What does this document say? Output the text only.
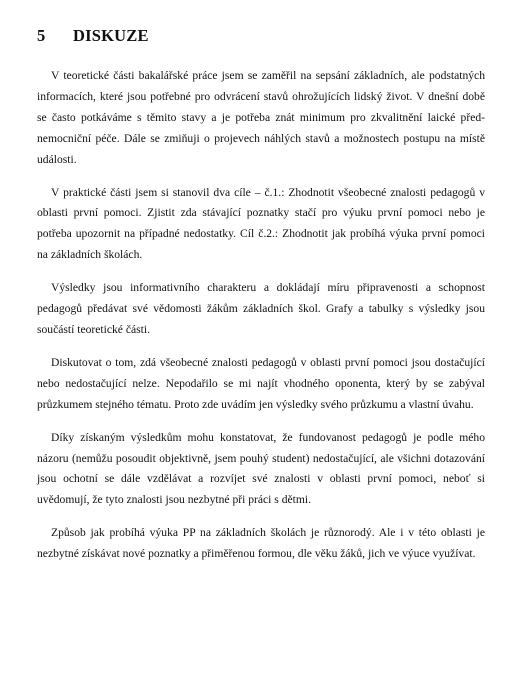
5 DISKUZE

V teoretické části bakalářské práce jsem se zaměřil na sepsání základních, ale podstatných informacích, které jsou potřebné pro odvrácení stavů ohrožujících lidský život. V dnešní době se často potkáváme s těmito stavy a je potřeba znát minimum pro zkvalitnění laické před-nemocniční péče. Dále se zmiňuji o projevech náhlých stavů a možnostech postupu na místě události.

V praktické části jsem si stanovil dva cíle – č.1.: Zhodnotit všeobecné znalosti pedagogů v oblasti první pomoci. Zjistit zda stávající poznatky stačí pro výuku první pomoci nebo je potřeba upozornit na případné nedostatky. Cíl č.2.: Zhodnotit jak probíhá výuka první pomoci na základních školách.

Výsledky jsou informativního charakteru a dokládají míru připravenosti a schopnost pedagogů předávat své vědomosti žákům základních škol. Grafy a tabulky s výsledky jsou součástí teoretické části.

Diskutovat o tom, zdá všeobecné znalosti pedagogů v oblasti první pomoci jsou dostačující nebo nedostačující nelze. Nepodařilo se mi najít vhodného oponenta, který by se zabýval průzkumem stejného tématu. Proto zde uvádím jen výsledky svého průzkumu a vlastní úvahu.

Díky získaným výsledkům mohu konstatovat, že fundovanost pedagogů je podle mého názoru (nemůžu posoudit objektivně, jsem pouhý student) nedostačující, ale všichni dotazování jsou ochotní se dále vzdělávat a rozvíjet své znalosti v oblasti první pomoci, neboť si uvědomují, že tyto znalosti jsou nezbytné při práci s dětmi.

Způsob jak probíhá výuka PP na základních školách je různorodý. Ale i v této oblasti je nezbytné získávat nové poznatky a přiměřenou formou, dle věku žáků, jich ve výuce využívat.
